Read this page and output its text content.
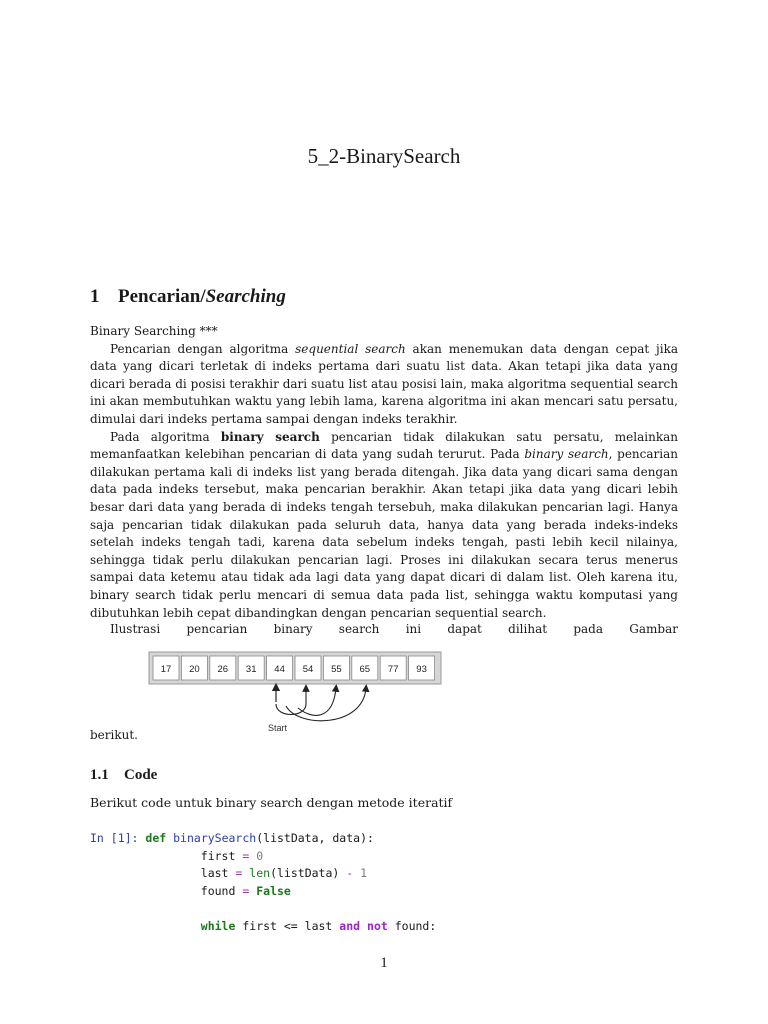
5_2-BinarySearch
1 Pencarian/Searching

Binary Searching ***

Pencarian dengan algoritma sequential search akan menemukan data dengan cepat jika data yang dicari terletak di indeks pertama dari suatu list data. Akan tetapi jika data yang dicari berada di posisi terakhir dari suatu list atau posisi lain, maka algoritma sequential search ini akan membutuhkan waktu yang lebih lama, karena algoritma ini akan mencari satu persatu, dimulai dari indeks pertama sampai dengan indeks terakhir.

Pada algoritma binary search pencarian tidak dilakukan satu persatu, melainkan memanfaatkan kelebihan pencarian di data yang sudah terurut. Pada binary search, pencarian dilakukan pertama kali di indeks list yang berada ditengah. Jika data yang dicari sama dengan data pada indeks tersebut, maka pencarian berakhir. Akan tetapi jika data yang dicari lebih besar dari data yang berada di indeks tengah tersebuh, maka dilakukan pencarian lagi. Hanya saja pencarian tidak dilakukan pada seluruh data, hanya data yang berada indeks-indeks setelah indeks tengah tadi, karena data sebelum indeks tengah, pasti lebih kecil nilainya, sehingga tidak perlu dilakukan pencarian lagi. Proses ini dilakukan secara terus menerus sampai data ketemu atau tidak ada lagi data yang dapat dicari di dalam list. Oleh karena itu, binary search tidak perlu mencari di semua data pada list, sehingga waktu komputasi yang dibutuhkan lebih cepat dibandingkan dengan pencarian sequential search.

Ilustrasi pencarian binary search ini dapat dilihat pada Gambar
17 20 26 31 44 54 55 65 77 93
Start
berikut.
1.1 Code
Berikut code untuk binary search dengan metode iteratif
In [1]: def binarySearch(listData, data):
first = 0
last = len(listData) - 1
found = False

while first <= last and not found:
1
